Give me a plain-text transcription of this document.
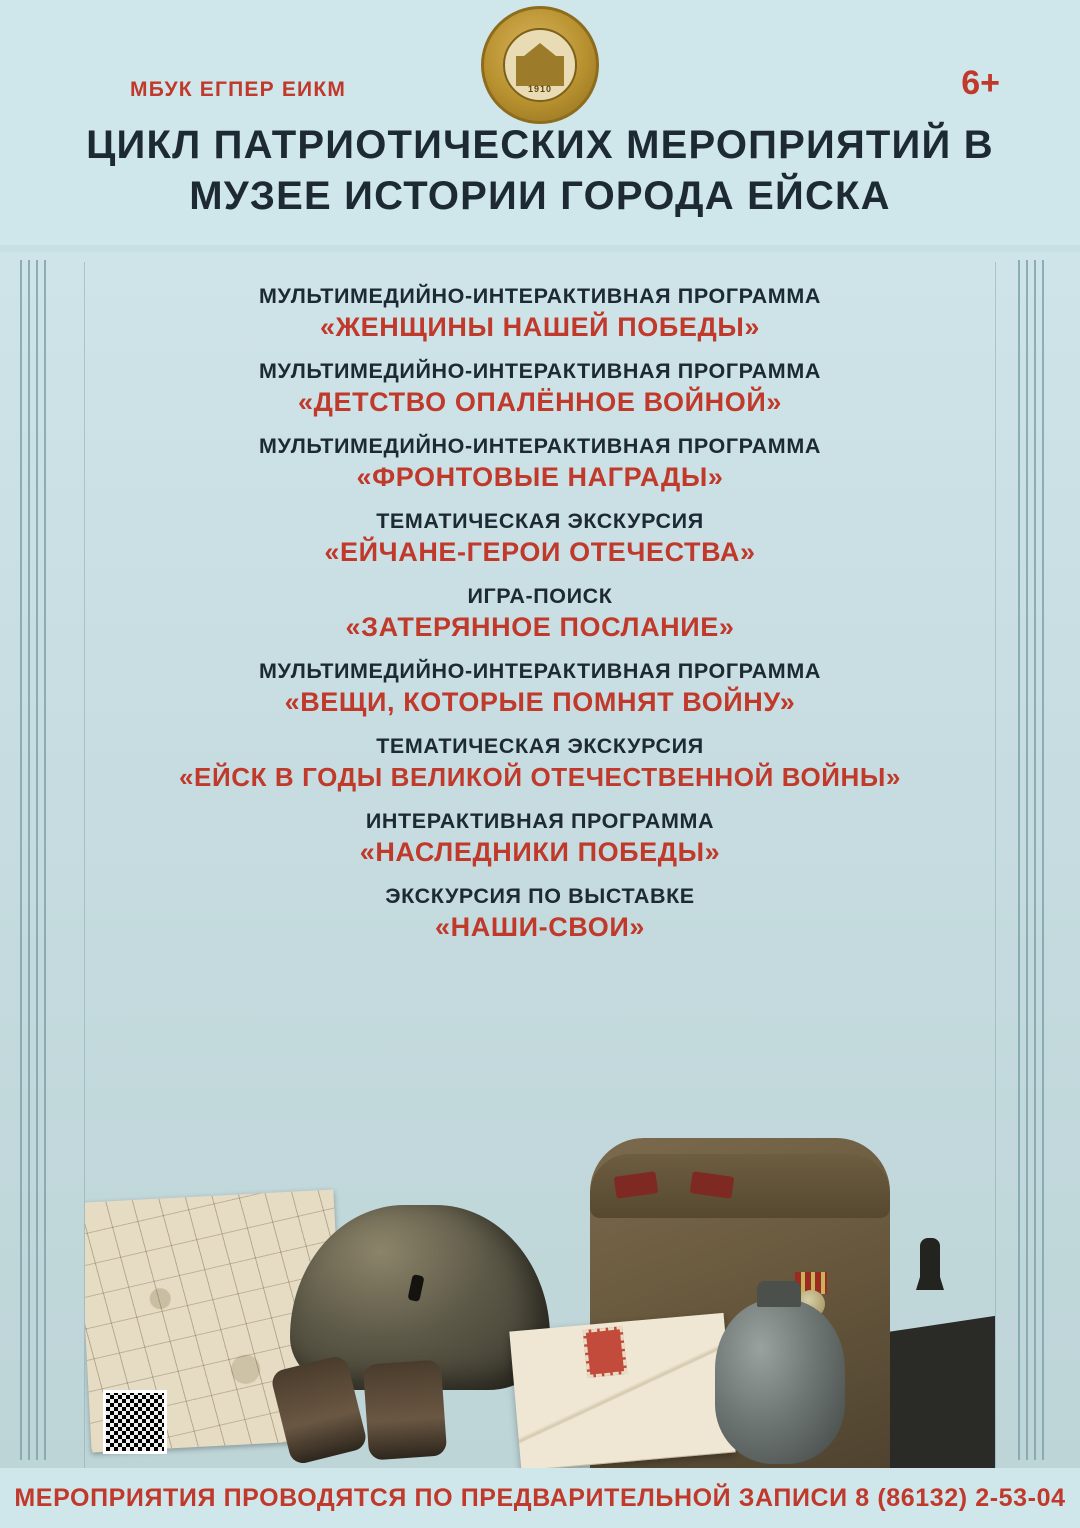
1910
МБУК ЕГПЕР ЕИКМ	6+
ЦИКЛ ПАТРИОТИЧЕСКИХ МЕРОПРИЯТИЙ В МУЗЕЕ ИСТОРИИ ГОРОДА ЕЙСКА
МУЛЬТИМЕДИЙНО-ИНТЕРАКТИВНАЯ ПРОГРАММА
«ЖЕНЩИНЫ НАШЕЙ ПОБЕДЫ»
МУЛЬТИМЕДИЙНО-ИНТЕРАКТИВНАЯ ПРОГРАММА
«ДЕТСТВО ОПАЛЁННОЕ ВОЙНОЙ»
МУЛЬТИМЕДИЙНО-ИНТЕРАКТИВНАЯ ПРОГРАММА
«ФРОНТОВЫЕ НАГРАДЫ»
ТЕМАТИЧЕСКАЯ ЭКСКУРСИЯ
«ЕЙЧАНЕ-ГЕРОИ ОТЕЧЕСТВА»
ИГРА-ПОИСК
«ЗАТЕРЯННОЕ ПОСЛАНИЕ»
МУЛЬТИМЕДИЙНО-ИНТЕРАКТИВНАЯ ПРОГРАММА
«ВЕЩИ, КОТОРЫЕ ПОМНЯТ ВОЙНУ»
ТЕМАТИЧЕСКАЯ ЭКСКУРСИЯ
«ЕЙСК В ГОДЫ ВЕЛИКОЙ ОТЕЧЕСТВЕННОЙ ВОЙНЫ»
ИНТЕРАКТИВНАЯ ПРОГРАММА
«НАСЛЕДНИКИ ПОБЕДЫ»
ЭКСКУРСИЯ ПО ВЫСТАВКЕ
«НАШИ-СВОИ»
МЕРОПРИЯТИЯ ПРОВОДЯТСЯ ПО ПРЕДВАРИТЕЛЬНОЙ ЗАПИСИ 8 (86132) 2-53-04
